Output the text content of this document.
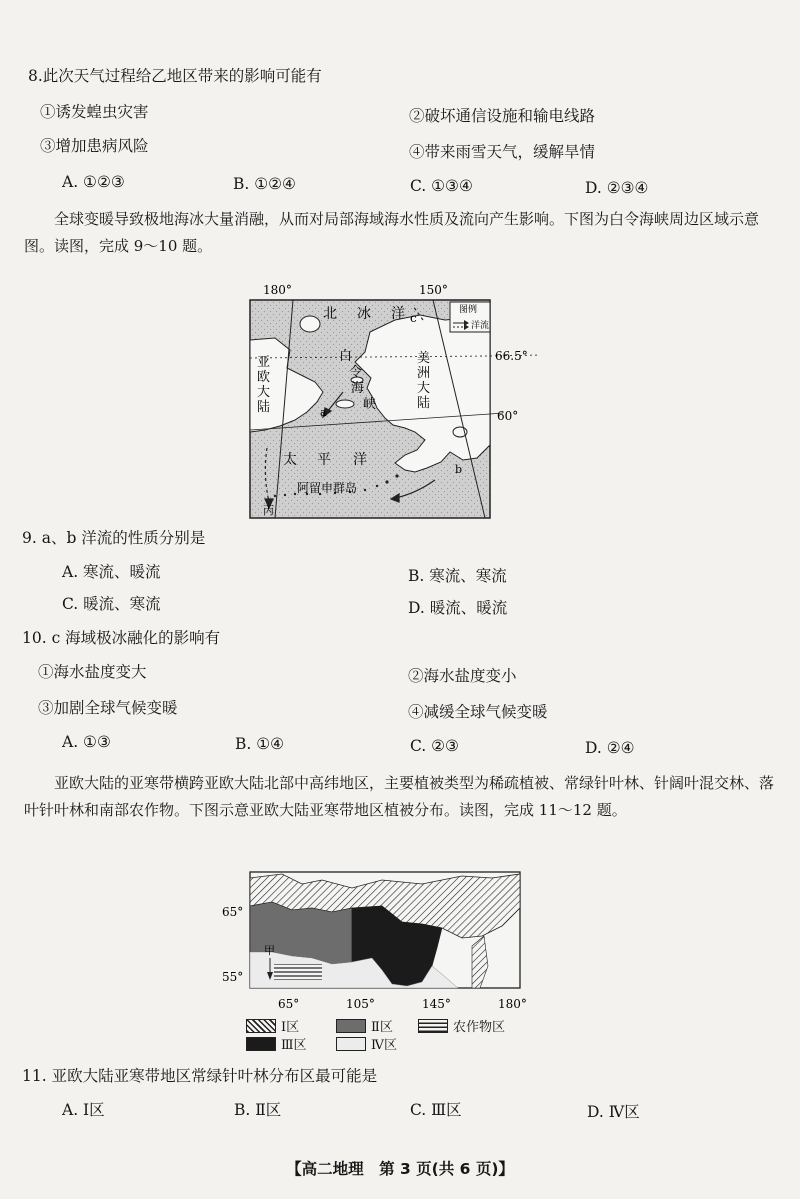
8.此次天气过程给乙地区带来的影响可能有
①诱发蝗虫灾害	②破坏通信设施和输电线路
③增加患病风险	④带来雨雪天气，缓解旱情
A. ①②③	B. ①②④	C. ①③④	D. ②③④
全球变暖导致极地海冰大量消融，从而对局部海域海水性质及流向产生影响。下图为白令海峡周边区域示意图。读图，完成 9～10 题。
180°	150°
66.5°
60°
北 冰 洋 c
图例
洋流
白
令
海
峡
亚
欧
大
陆
美
洲
大
陆
a
b
太 平 洋
阿留申群岛
丙
9. a、b 洋流的性质分别是
A. 寒流、暖流	B. 寒流、寒流
C. 暖流、寒流	D. 暖流、暖流
10. c 海域极冰融化的影响有
①海水盐度变大	②海水盐度变小
③加剧全球气候变暖	④减缓全球气候变暖
A. ①③	B. ①④	C. ②③	D. ②④
亚欧大陆的亚寒带横跨亚欧大陆北部中高纬地区，主要植被类型为稀疏植被、常绿针叶林、针阔叶混交林、落叶针叶林和南部农作物。下图示意亚欧大陆亚寒带地区植被分布。读图，完成 11～12 题。
65°
55°
甲
65°	105°	145°	180°
Ⅰ区	Ⅱ区	农作物区
Ⅲ区	Ⅳ区
11. 亚欧大陆亚寒带地区常绿针叶林分布区最可能是
A. Ⅰ区	B. Ⅱ区	C. Ⅲ区	D. Ⅳ区
【高二地理　第 3 页(共 6 页)】
